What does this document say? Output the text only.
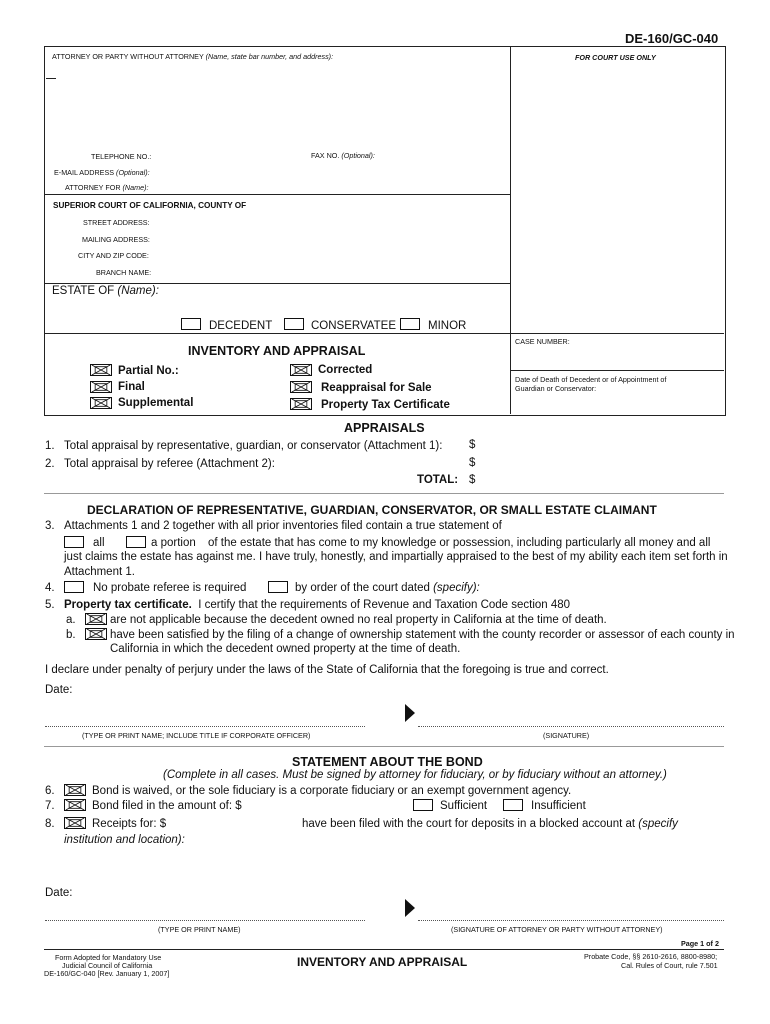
DE-160/GC-040
ATTORNEY OR PARTY WITHOUT ATTORNEY (Name, state bar number, and address):	FOR COURT USE ONLY
TELEPHONE NO.:	FAX NO. (Optional):
E-MAIL ADDRESS (Optional):
ATTORNEY FOR (Name):
SUPERIOR COURT OF CALIFORNIA, COUNTY OF
STREET ADDRESS:
MAILING ADDRESS:
CITY AND ZIP CODE:
BRANCH NAME:
ESTATE OF (Name):
DECEDENT	CONSERVATEE	MINOR
INVENTORY AND APPRAISAL
CASE NUMBER:
Date of Death of Decedent or of Appointment of
Guardian or Conservator:
Partial No.:
Final
Supplemental
Corrected
Reappraisal for Sale
Property Tax Certificate
APPRAISALS
1. Total appraisal by representative, guardian, or conservator (Attachment 1): $
2. Total appraisal by referee (Attachment 2):	$
TOTAL: $
DECLARATION OF REPRESENTATIVE, GUARDIAN, CONSERVATOR, OR SMALL ESTATE CLAIMANT
3. Attachments 1 and 2 together with all prior inventories filed contain a true statement of
all	a portion of the estate that has come to my knowledge or possession, including particularly all money and all
just claims the estate has against me. I have truly, honestly, and impartially appraised to the best of my ability each item set forth in
Attachment 1.
4.	No probate referee is required	by order of the court dated (specify):
5. Property tax certificate. I certify that the requirements of Revenue and Taxation Code section 480
a.	are not applicable because the decedent owned no real property in California at the time of death.
b.	have been satisfied by the filing of a change of ownership statement with the county recorder or assessor of each county in
California in which the decedent owned property at the time of death.
I declare under penalty of perjury under the laws of the State of California that the foregoing is true and correct.
Date:
(TYPE OR PRINT NAME; INCLUDE TITLE IF CORPORATE OFFICER)	(SIGNATURE)
STATEMENT ABOUT THE BOND
(Complete in all cases. Must be signed by attorney for fiduciary, or by fiduciary without an attorney.)
6.	Bond is waived, or the sole fiduciary is a corporate fiduciary or an exempt government agency.
7.	Bond filed in the amount of: $	Sufficient	Insufficient
8.	Receipts for: $	have been filed with the court for deposits in a blocked account at (specify
institution and location):
Date:
(TYPE OR PRINT NAME)	(SIGNATURE OF ATTORNEY OR PARTY WITHOUT ATTORNEY)
Page 1 of 2
Form Adopted for Mandatory Use
Judicial Council of California
DE-160/GC-040 [Rev. January 1, 2007]
INVENTORY AND APPRAISAL	Probate Code, §§ 2610-2616, 8800-8980;
Cal. Rules of Court, rule 7.501
